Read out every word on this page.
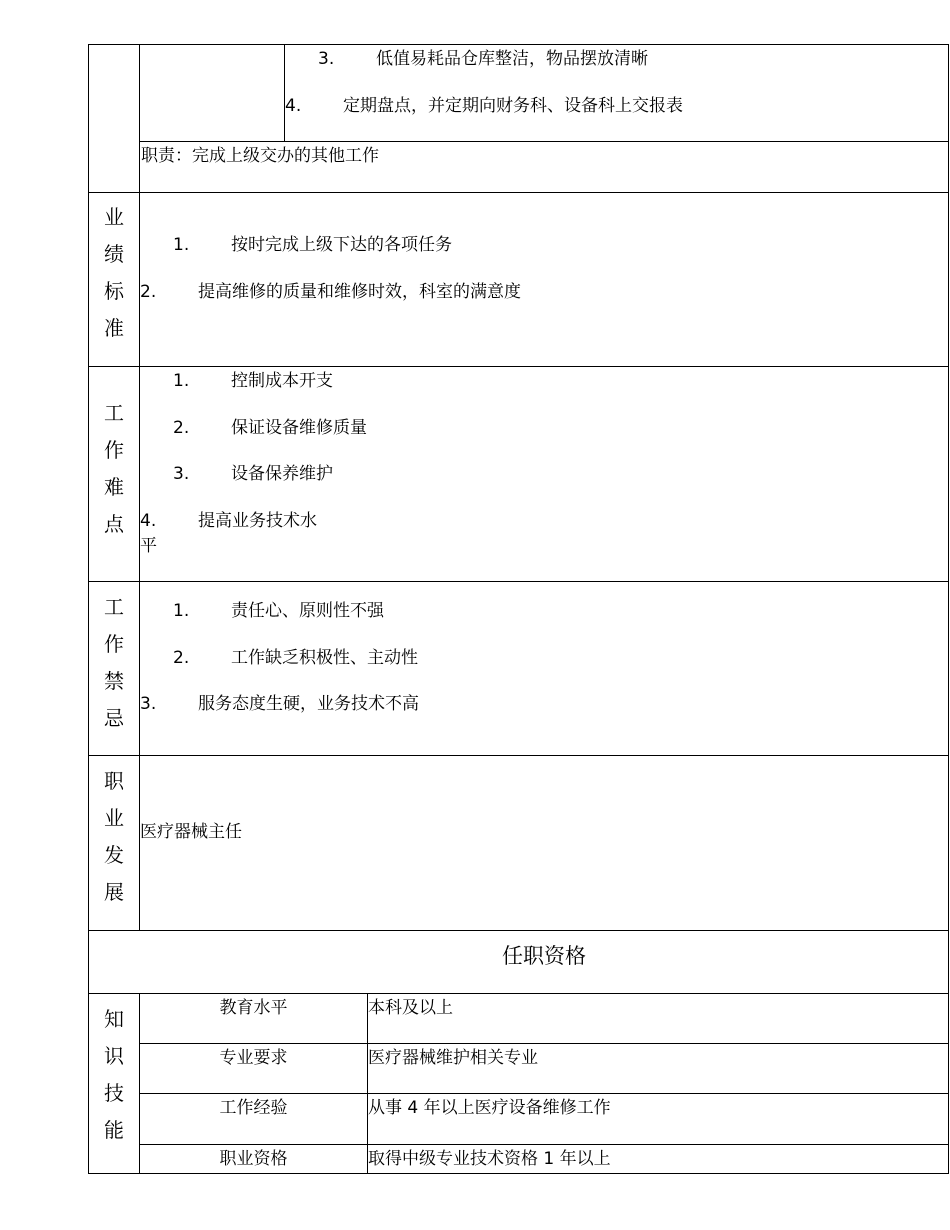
3. 低值易耗品仓库整洁，物品摆放清晰
4. 定期盘点，并定期向财务科、设备科上交报表
职责：完成上级交办的其他工作
业
绩
标
准
1. 按时完成上级下达的各项任务
2. 提高维修的质量和维修时效，科室的满意度
工
作
难
点
1. 控制成本开支
2. 保证设备维修质量
3. 设备保养维护
4. 提高业务技术水
平
工
作
禁
忌
1. 责任心、原则性不强
2. 工作缺乏积极性、主动性
3. 服务态度生硬，业务技术不高
职
业
发
展
医疗器械主任
任职资格
知
识
技
能
教育水平	本科及以上
专业要求	医疗器械维护相关专业
工作经验	从事 4 年以上医疗设备维修工作
职业资格	取得中级专业技术资格 1 年以上
